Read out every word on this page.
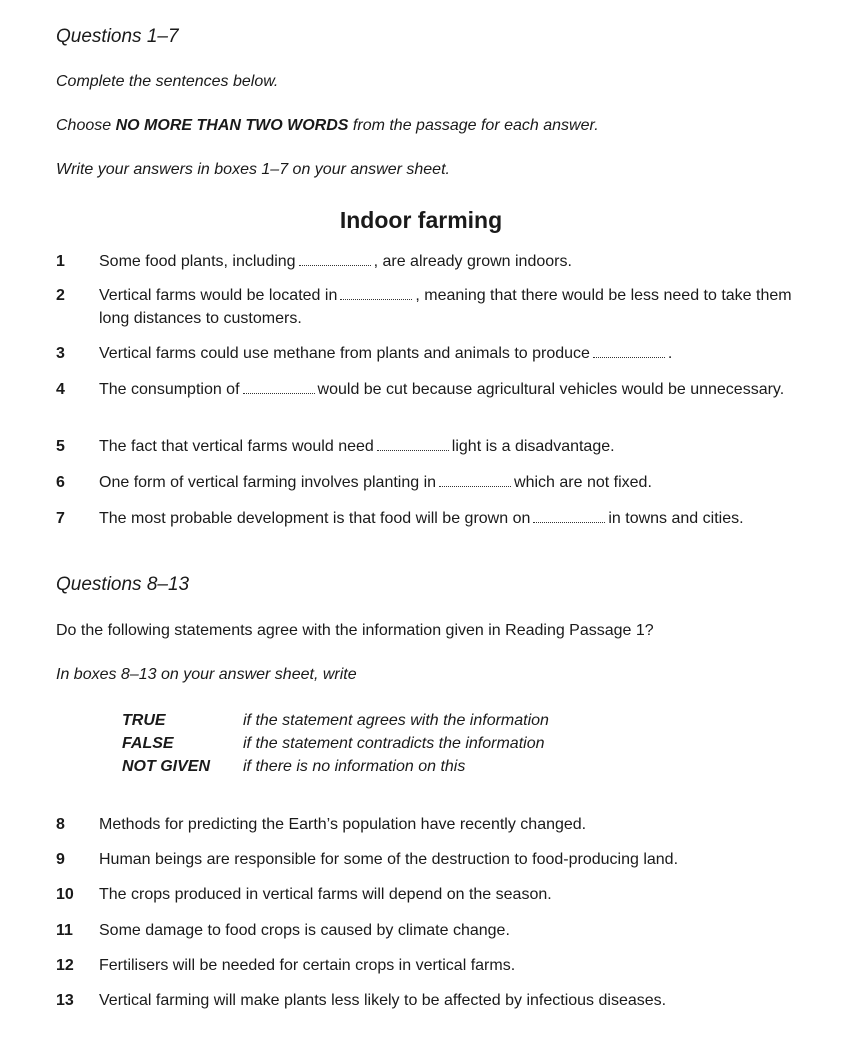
Questions 1–7
Complete the sentences below.
Choose NO MORE THAN TWO WORDS from the passage for each answer.
Write your answers in boxes 1–7 on your answer sheet.
Indoor farming
1	Some food plants, including	, are already grown indoors.
2	Vertical farms would be located in	, meaning that there would be less need to take them long distances to customers.
3	Vertical farms could use methane from plants and animals to produce	.
4	The consumption of	would be cut because agricultural vehicles would be unnecessary.
5	The fact that vertical farms would need	light is a disadvantage.
6	One form of vertical farming involves planting in	which are not fixed.
7	The most probable development is that food will be grown on	in towns and cities.
Questions 8–13
Do the following statements agree with the information given in Reading Passage 1?
In boxes 8–13 on your answer sheet, write
TRUE	if the statement agrees with the information
FALSE	if the statement contradicts the information
NOT GIVEN if there is no information on this
8	Methods for predicting the Earth’s population have recently changed.
9	Human beings are responsible for some of the destruction to food-producing land.
10	The crops produced in vertical farms will depend on the season.
11	Some damage to food crops is caused by climate change.
12	Fertilisers will be needed for certain crops in vertical farms.
13	Vertical farming will make plants less likely to be affected by infectious diseases.
